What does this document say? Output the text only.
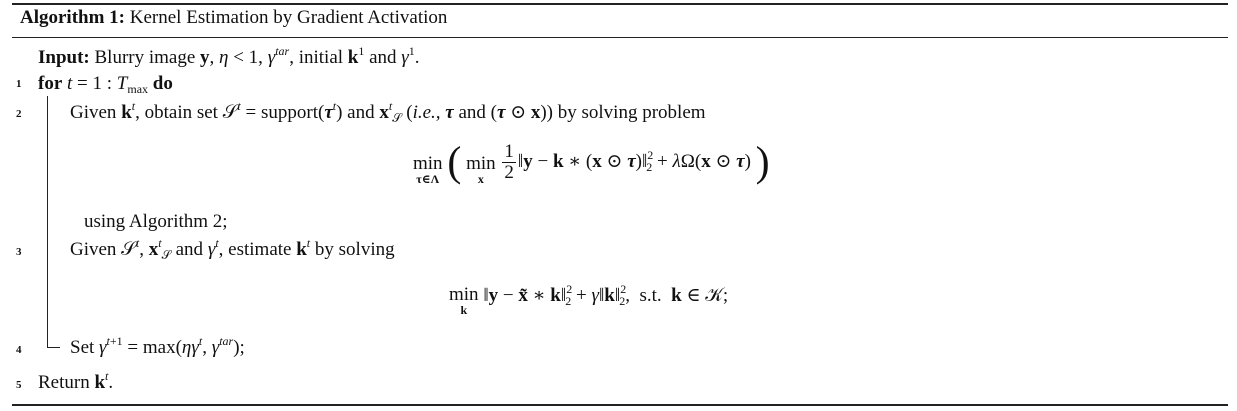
Algorithm 1: Kernel Estimation by Gradient Activation
Input: Blurry image y, η < 1, $\gamma^{tar}$, initial $k^1$ and $\gamma^1$.
1 for t = 1 : $T_{max}$ do
2	Given $k^t$, obtain set 𝒮$^t$ = $support(\tau^t)$ and $x^t_𝒮$ (i.e., τ and (τ ⊙ x)) by solving problem
min
τ∈Λ ( min
x
$\frac{1}{2}$ ‖y − k ∗ (x ⊙ τ)‖$^2_2$ + λΩ(x ⊙ τ) )
using Algorithm 2;
3	Given 𝒮$^t$, $x^t_𝒮$ and $\gamma^t$, estimate $k^t$ by solving
min
k
‖y − x̃ ∗ k‖$^2_2$ + γ‖k‖$^2_2$,  s.t.  k ∈ 𝒦;
4	Set $\gamma^{t+1} = \max(\eta\gamma^t$, $\gamma^{tar}$);
5 Return $k^t$.
